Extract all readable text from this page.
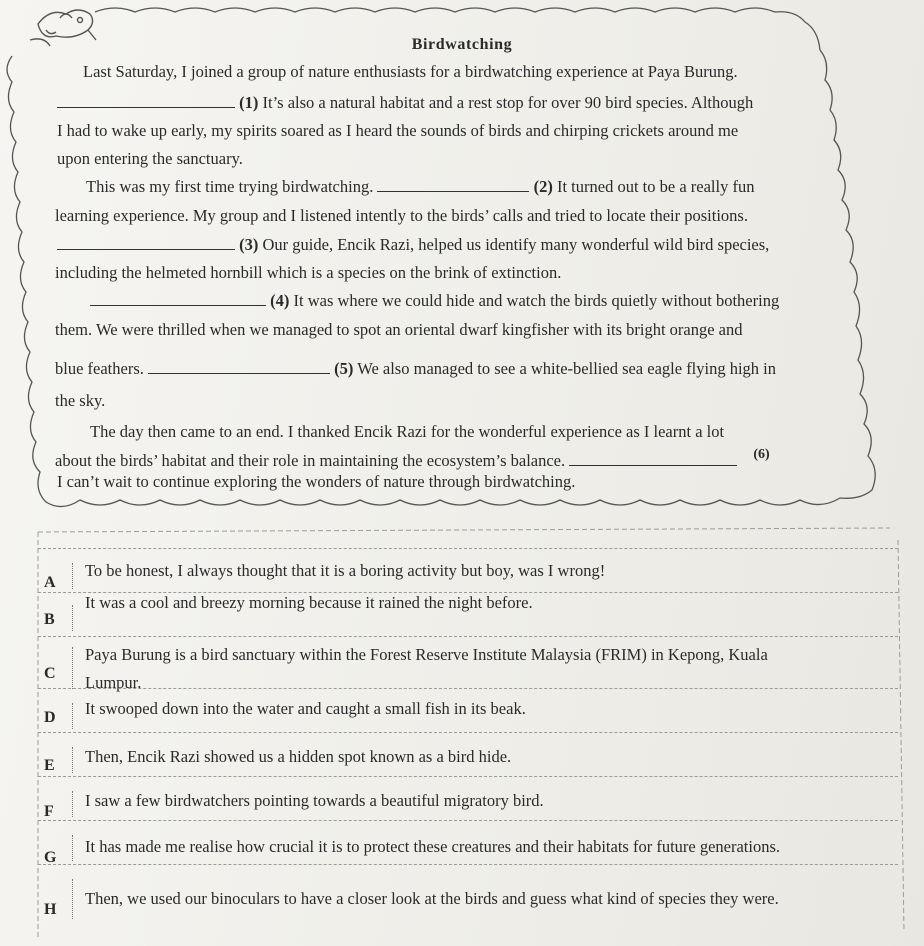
Birdwatching
Last Saturday, I joined a group of nature enthusiasts for a birdwatching experience at Paya Burung.
(1) It’s also a natural habitat and a rest stop for over 90 bird species. Although
I had to wake up early, my spirits soared as I heard the sounds of birds and chirping crickets around me
upon entering the sanctuary.
This was my first time trying birdwatching.	(2) It turned out to be a really fun
learning experience. My group and I listened intently to the birds’ calls and tried to locate their positions.
(3) Our guide, Encik Razi, helped us identify many wonderful wild bird species,
including the helmeted hornbill which is a species on the brink of extinction.
(4) It was where we could hide and watch the birds quietly without bothering
them. We were thrilled when we managed to spot an oriental dwarf kingfisher with its bright orange and
blue feathers.	(5) We also managed to see a white-bellied sea eagle flying high in
the sky.
The day then came to an end. I thanked Encik Razi for the wonderful experience as I learnt a lot
about the birds’ habitat and their role in maintaining the ecosystem’s balance.	$^{(6)}$
I can’t wait to continue exploring the wonders of nature through birdwatching.
A
To be honest, I always thought that it is a boring activity but boy, was I wrong!
B
It was a cool and breezy morning because it rained the night before.
C
Paya Burung is a bird sanctuary within the Forest Reserve Institute Malaysia (FRIM) in Kepong, Kuala
Lumpur.
D It swooped down into the water and caught a small fish in its beak.
E Then, Encik Razi showed us a hidden spot known as a bird hide.
F
I saw a few birdwatchers pointing towards a beautiful migratory bird.
G
It has made me realise how crucial it is to protect these creatures and their habitats for future generations.
H
Then, we used our binoculars to have a closer look at the birds and guess what kind of species they were.
